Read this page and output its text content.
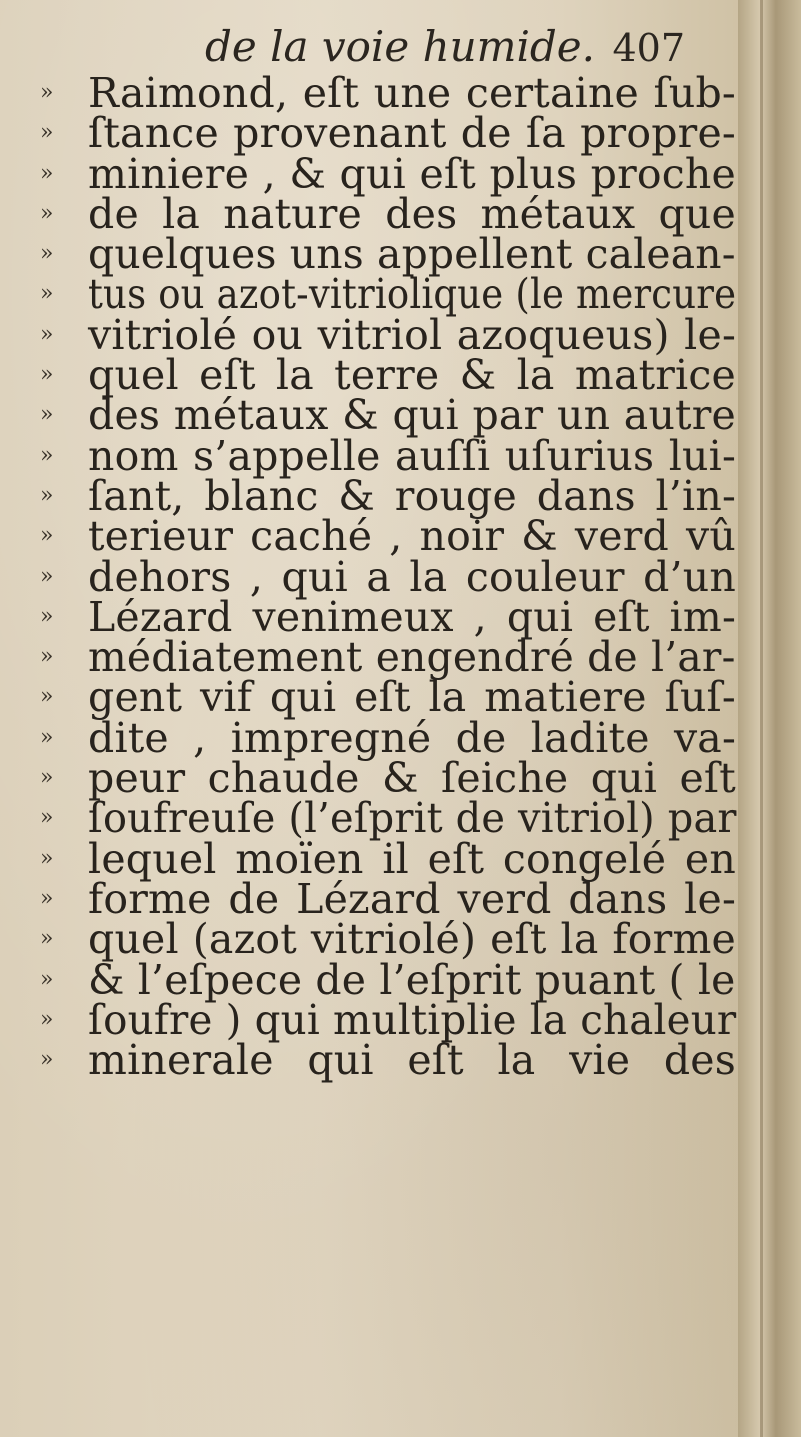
de la voie humide. 407
» Raimond, eſt une certaine ſub-
» ſtance provenant de ſa propre-
» miniere , & qui eſt plus proche
» de la nature des métaux que
» quelques uns appellent calean-
» tus ou azot-vitriolique (le mercure
» vitriolé ou vitriol azoqueus) le-
» quel eſt la terre & la matrice
» des métaux & qui par un autre
» nom s’appelle auſſi uſurius lui-
» ſant, blanc & rouge dans l’in-
» terieur caché , noir & verd vû
» dehors , qui a la couleur d’un
» Lézard venimeux , qui eſt im-
» médiatement engendré de l’ar-
» gent vif qui eſt la matiere ſuſ-
» dite , impregné de ladite va-
» peur chaude & ſeiche qui eſt
» ſoufreuſe (l’eſprit de vitriol) par
» lequel moïen il eſt congelé en
» forme de Lézard verd dans le-
» quel (azot vitriolé) eſt la forme
» & l’eſpece de l’eſprit puant ( le
» ſoufre ) qui multiplie la chaleur
» minerale qui eſt la vie des
